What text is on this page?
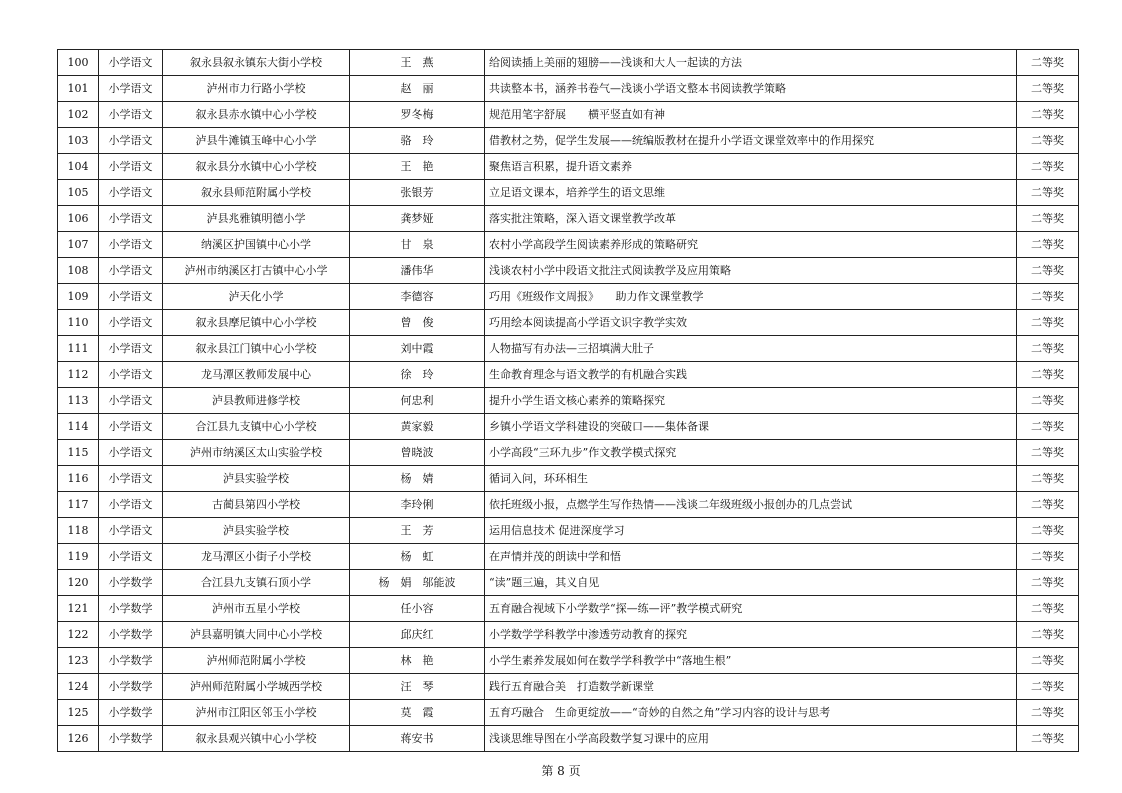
100	小学语文	叙永县叙永镇东大街小学校	王　燕	给阅读插上美丽的翅膀——浅谈和大人一起读的方法	二等奖
101	小学语文	泸州市力行路小学校	赵　丽	共读整本书，涵养书卷气—浅谈小学语文整本书阅读教学策略	二等奖
102	小学语文	叙永县赤水镇中心小学校	罗冬梅	规范用笔字舒展　　横平竖直如有神	二等奖
103	小学语文	泸县牛滩镇玉峰中心小学	骆　玲	借教材之势，促学生发展——统编版教材在提升小学语文课堂效率中的作用探究	二等奖
104	小学语文	叙永县分水镇中心小学校	王　艳	聚焦语言积累，提升语文素养	二等奖
105	小学语文	叙永县师范附属小学校	张银芳	立足语文课本，培养学生的语文思维	二等奖
106	小学语文	泸县兆雅镇明德小学	龚梦娅	落实批注策略，深入语文课堂教学改革	二等奖
107	小学语文	纳溪区护国镇中心小学	甘　泉	农村小学高段学生阅读素养形成的策略研究	二等奖
108	小学语文	泸州市纳溪区打古镇中心小学	潘伟华	浅谈农村小学中段语文批注式阅读教学及应用策略	二等奖
109	小学语文	泸天化小学	李德容	巧用《班级作文周报》　　助力作文课堂教学	二等奖
110	小学语文	叙永县摩尼镇中心小学校	曾　俊	巧用绘本阅读提高小学语文识字教学实效	二等奖
111	小学语文	叙永县江门镇中心小学校	刘中霞	人物描写有办法—三招填满大肚子	二等奖
112	小学语文	龙马潭区教师发展中心	徐　玲	生命教育理念与语文教学的有机融合实践	二等奖
113	小学语文	泸县教师进修学校	何忠利	提升小学生语文核心素养的策略探究	二等奖
114	小学语文	合江县九支镇中心小学校	黄家毅	乡镇小学语文学科建设的突破口——集体备课	二等奖
115	小学语文	泸州市纳溪区太山实验学校	曾晓波	小学高段“三环九步”作文教学模式探究	二等奖
116	小学语文	泸县实验学校	杨　婧	循词入问，环环相生	二等奖
117	小学语文	古蔺县第四小学校	李玲俐	依托班级小报，点燃学生写作热情——浅谈二年级班级小报创办的几点尝试	二等奖
118	小学语文	泸县实验学校	王　芳	运用信息技术 促进深度学习	二等奖
119	小学语文	龙马潭区小街子小学校	杨　虹	在声情并茂的朗读中学和悟	二等奖
120	小学数学	合江县九支镇石顶小学	杨　娟　邬能波	“读”题三遍，其义自见	二等奖
121	小学数学	泸州市五星小学校	任小容	五育融合视域下小学数学“探—练—评”教学模式研究	二等奖
122	小学数学	泸县嘉明镇大同中心小学校	邱庆红	小学数学学科教学中渗透劳动教育的探究	二等奖
123	小学数学	泸州师范附属小学校	林　艳	小学生素养发展如何在数学学科教学中“落地生根”	二等奖
124	小学数学	泸州师范附属小学城西学校	汪　琴	践行五育融合美　打造数学新课堂	二等奖
125	小学数学	泸州市江阳区邻玉小学校	莫　霞	五育巧融合　生命更绽放——“奇妙的自然之角”学习内容的设计与思考	二等奖
126	小学数学	叙永县观兴镇中心小学校	蒋安书	浅谈思维导图在小学高段数学复习课中的应用	二等奖
第 8 页
